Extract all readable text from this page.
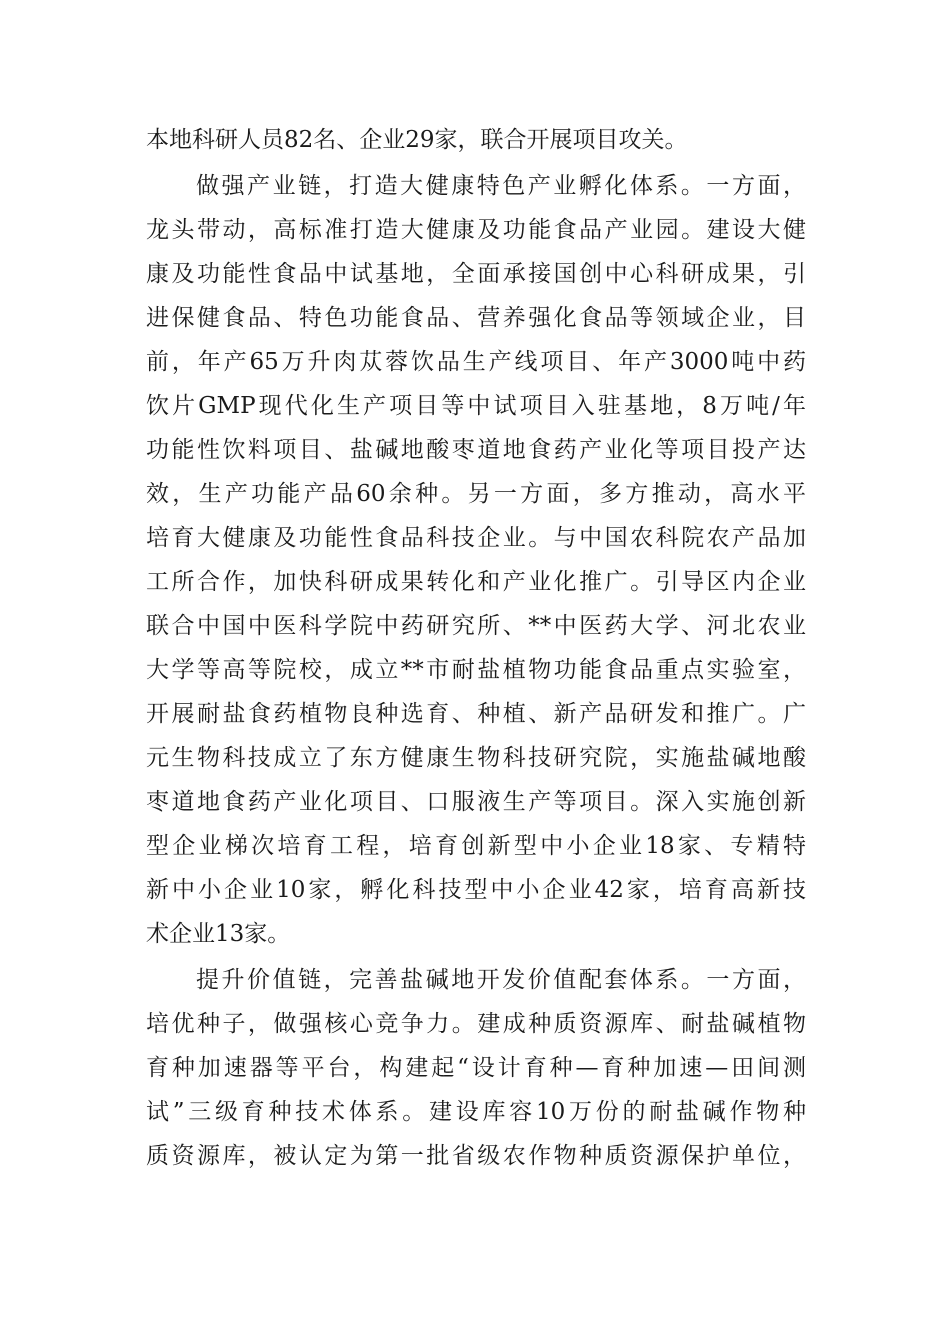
本地科研人员82名、企业29家，联合开展项目攻关。
做强产业链，打造大健康特色产业孵化体系。一方面，
龙头带动，高标准打造大健康及功能食品产业园。建设大健
康及功能性食品中试基地，全面承接国创中心科研成果，引
进保健食品、特色功能食品、营养强化食品等领域企业，目
前，年产65万升肉苁蓉饮品生产线项目、年产3000吨中药
饮片GMP现代化生产项目等中试项目入驻基地，8万吨/年
功能性饮料项目、盐碱地酸枣道地食药产业化等项目投产达
效，生产功能产品60余种。另一方面，多方推动，高水平
培育大健康及功能性食品科技企业。与中国农科院农产品加
工所合作，加快科研成果转化和产业化推广。引导区内企业
联合中国中医科学院中药研究所、**中医药大学、河北农业
大学等高等院校，成立**市耐盐植物功能食品重点实验室，
开展耐盐食药植物良种选育、种植、新产品研发和推广。广
元生物科技成立了东方健康生物科技研究院，实施盐碱地酸
枣道地食药产业化项目、口服液生产等项目。深入实施创新
型企业梯次培育工程，培育创新型中小企业18家、专精特
新中小企业10家，孵化科技型中小企业42家，培育高新技
术企业13家。
提升价值链，完善盐碱地开发价值配套体系。一方面，
培优种子，做强核心竞争力。建成种质资源库、耐盐碱植物
育种加速器等平台，构建起“设计育种—育种加速—田间测
试”三级育种技术体系。建设库容10万份的耐盐碱作物种
质资源库，被认定为第一批省级农作物种质资源保护单位，
